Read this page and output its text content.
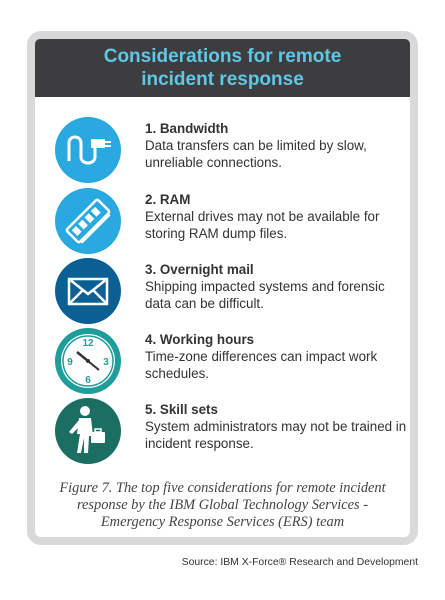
Considerations for remote
incident response
1. Bandwidth
Data transfers can be limited by slow, unreliable connections.
2. RAM
External drives may not be available for storing RAM dump files.
3. Overnight mail
Shipping impacted systems and forensic data can be difficult.
12
3
6
9
4. Working hours
Time-zone differences can impact work schedules.
5. Skill sets
System administrators may not be trained in incident response.
Figure 7. The top five considerations for remote incident response by the IBM Global Technology Services - Emergency Response Services (ERS) team
Source: IBM X-Force® Research and Development
